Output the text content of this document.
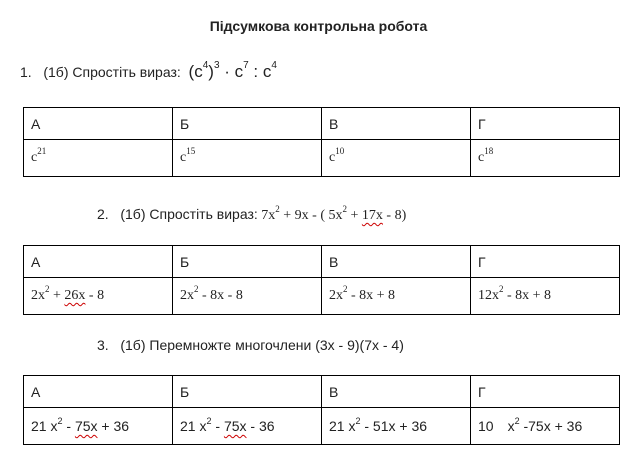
Підсумкова контрольна робота
1. (1б) Спростіть вираз: $(c^4)^3 \cdot c^7$ : $c^4$
А	Б	В	Г
$c^{21}$	$c^{15}$	$c^{10}$	$c^{18}$
2. (1б) Спростіть вираз: $7x^2 + 9x$ - ( $5x^2 + 17x - 8$)
А	Б	В	Г
$2x^2 + 26x - 8$	$2x^2 - 8x - 8$	$2x^2 - 8x + 8$	$12x^2 - 8x + 8$
3. (1б) Перемножте многочлени (3x - 9)(7x - 4)
А	Б	В	Г
21 $x^2 - 75x + 36$	21 $x^2 - 75x - 36$	21 $x^2 - 51x + 36$	10 $x^2$ -75x + 36
